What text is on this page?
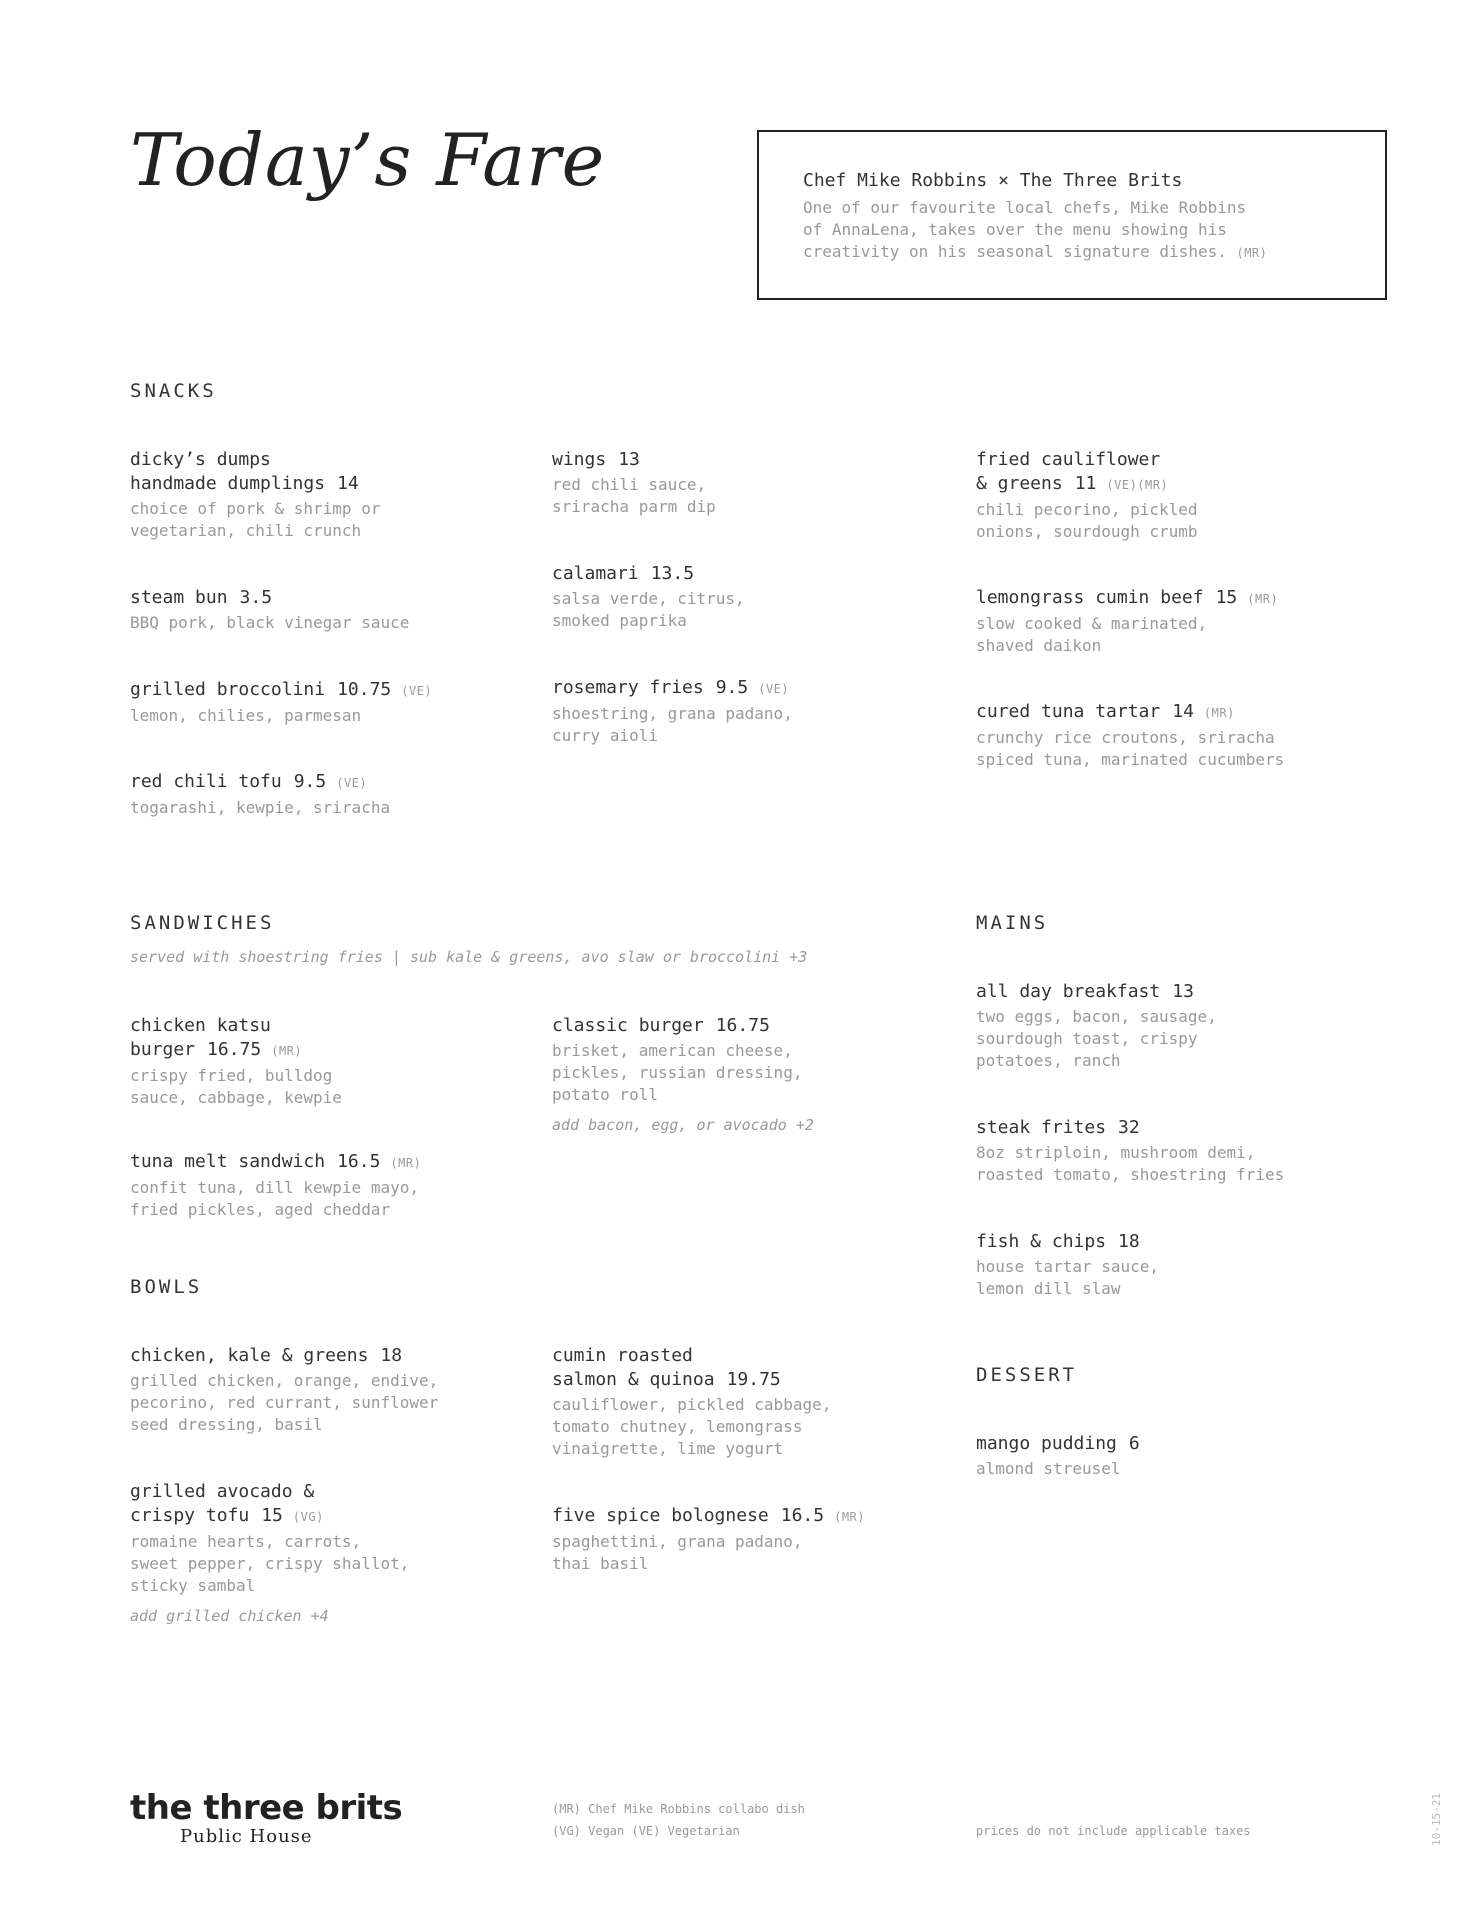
Today’s Fare	Chef Mike Robbins × The Three Brits
One of our favourite local chefs, Mike Robbins
of AnnaLena, takes over the menu showing his
creativity on his seasonal signature dishes. (MR)
SNACKS
dicky’s dumps
handmade dumplings 14
choice of pork & shrimp or
vegetarian, chili crunch
steam bun 3.5
BBQ pork, black vinegar sauce
grilled broccolini 10.75 (VE)
lemon, chilies, parmesan
red chili tofu 9.5 (VE)
togarashi, kewpie, sriracha
wings 13
red chili sauce,
sriracha parm dip
calamari 13.5
salsa verde, citrus,
smoked paprika
rosemary fries 9.5 (VE)
shoestring, grana padano,
curry aioli
fried cauliflower
& greens 11 (VE)(MR)
chili pecorino, pickled
onions, sourdough crumb
lemongrass cumin beef 15 (MR)
slow cooked & marinated,
shaved daikon
cured tuna tartar 14 (MR)
crunchy rice croutons, sriracha
spiced tuna, marinated cucumbers
SANDWICHES
served with shoestring fries | sub kale & greens, avo slaw or broccolini +3
chicken katsu
burger 16.75 (MR)
crispy fried, bulldog
sauce, cabbage, kewpie
tuna melt sandwich 16.5 (MR)
confit tuna, dill kewpie mayo,
fried pickles, aged cheddar
classic burger 16.75
brisket, american cheese,
pickles, russian dressing,
potato roll
add bacon, egg, or avocado +2
BOWLS
chicken, kale & greens 18
grilled chicken, orange, endive,
pecorino, red currant, sunflower
seed dressing, basil
grilled avocado &
crispy tofu 15 (VG)
romaine hearts, carrots,
sweet pepper, crispy shallot,
sticky sambal
add grilled chicken +4
cumin roasted
salmon & quinoa 19.75
cauliflower, pickled cabbage,
tomato chutney, lemongrass
vinaigrette, lime yogurt
five spice bolognese 16.5 (MR)
spaghettini, grana padano,
thai basil
MAINS
all day breakfast 13
two eggs, bacon, sausage,
sourdough toast, crispy
potatoes, ranch
steak frites 32
8oz striploin, mushroom demi,
roasted tomato, shoestring fries
fish & chips 18
house tartar sauce,
lemon dill slaw
DESSERT
mango pudding 6
almond streusel
the three brits
Public House
(MR) Chef Mike Robbins collabo dish
(VG) Vegan (VE) Vegetarian	prices do not include applicable taxes	10-15-21
